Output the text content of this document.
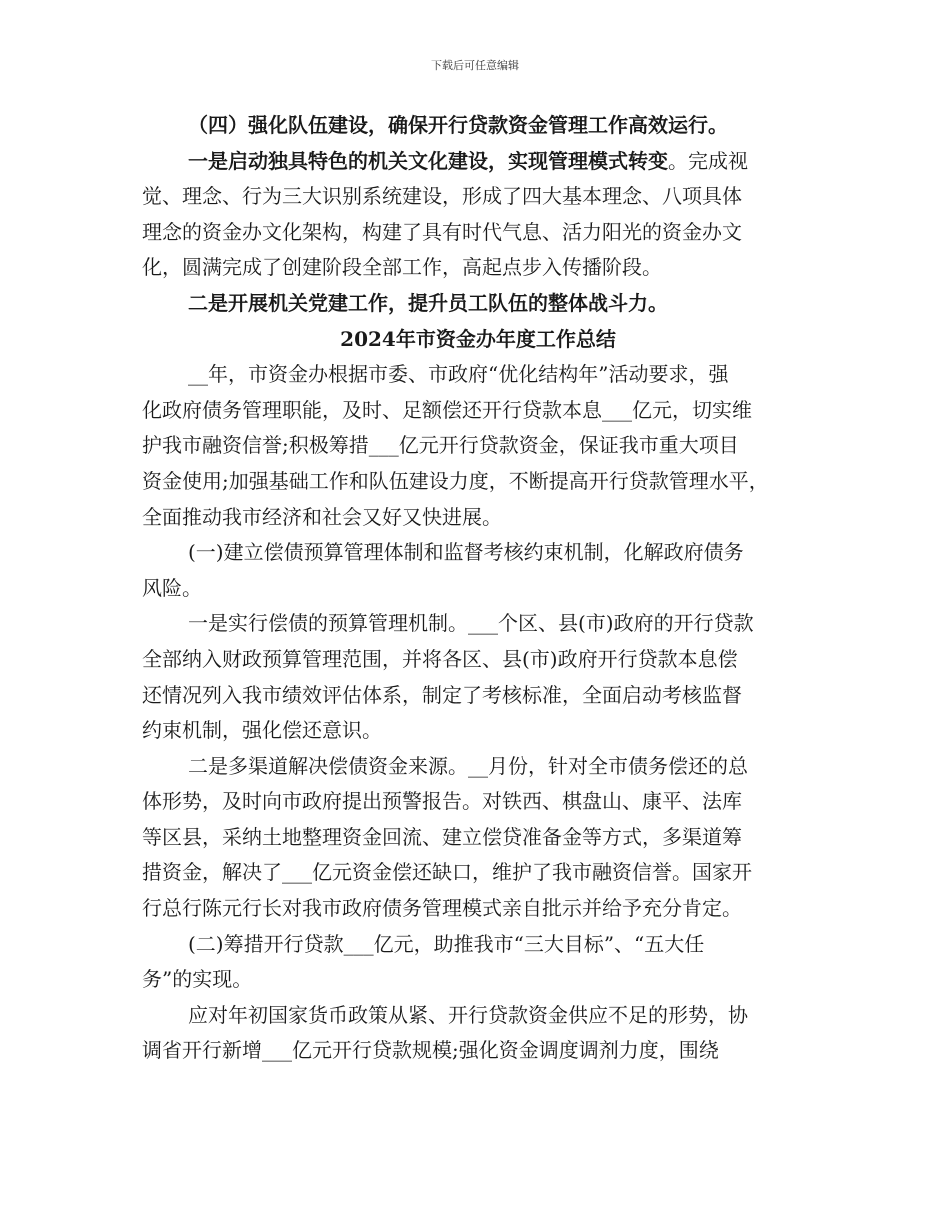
下载后可任意编辑
（四）强化队伍建设，确保开行贷款资金管理工作高效运行。
一是启动独具特色的机关文化建设，实现管理模式转变。完成视
觉、理念、行为三大识别系统建设，形成了四大基本理念、八项具体
理念的资金办文化架构，构建了具有时代气息、活力阳光的资金办文
化，圆满完成了创建阶段全部工作，高起点步入传播阶段。
二是开展机关党建工作，提升员工队伍的整体战斗力。
2024年市资金办年度工作总结
__年，市资金办根据市委、市政府“优化结构年”活动要求，强
化政府债务管理职能，及时、足额偿还开行贷款本息___亿元，切实维
护我市融资信誉;积极筹措___亿元开行贷款资金，保证我市重大项目
资金使用;加强基础工作和队伍建设力度，不断提高开行贷款管理水平，
全面推动我市经济和社会又好又快进展。
(一)建立偿债预算管理体制和监督考核约束机制，化解政府债务
风险。
一是实行偿债的预算管理机制。___个区、县(市)政府的开行贷款
全部纳入财政预算管理范围，并将各区、县(市)政府开行贷款本息偿
还情况列入我市绩效评估体系，制定了考核标准，全面启动考核监督
约束机制，强化偿还意识。
二是多渠道解决偿债资金来源。__月份，针对全市债务偿还的总
体形势，及时向市政府提出预警报告。对铁西、棋盘山、康平、法库
等区县，采纳土地整理资金回流、建立偿贷准备金等方式，多渠道筹
措资金，解决了___亿元资金偿还缺口，维护了我市融资信誉。国家开
行总行陈元行长对我市政府债务管理模式亲自批示并给予充分肯定。
(二)筹措开行贷款___亿元，助推我市“三大目标”、“五大任
务”的实现。
应对年初国家货币政策从紧、开行贷款资金供应不足的形势，协
调省开行新增___亿元开行贷款规模;强化资金调度调剂力度，围绕
